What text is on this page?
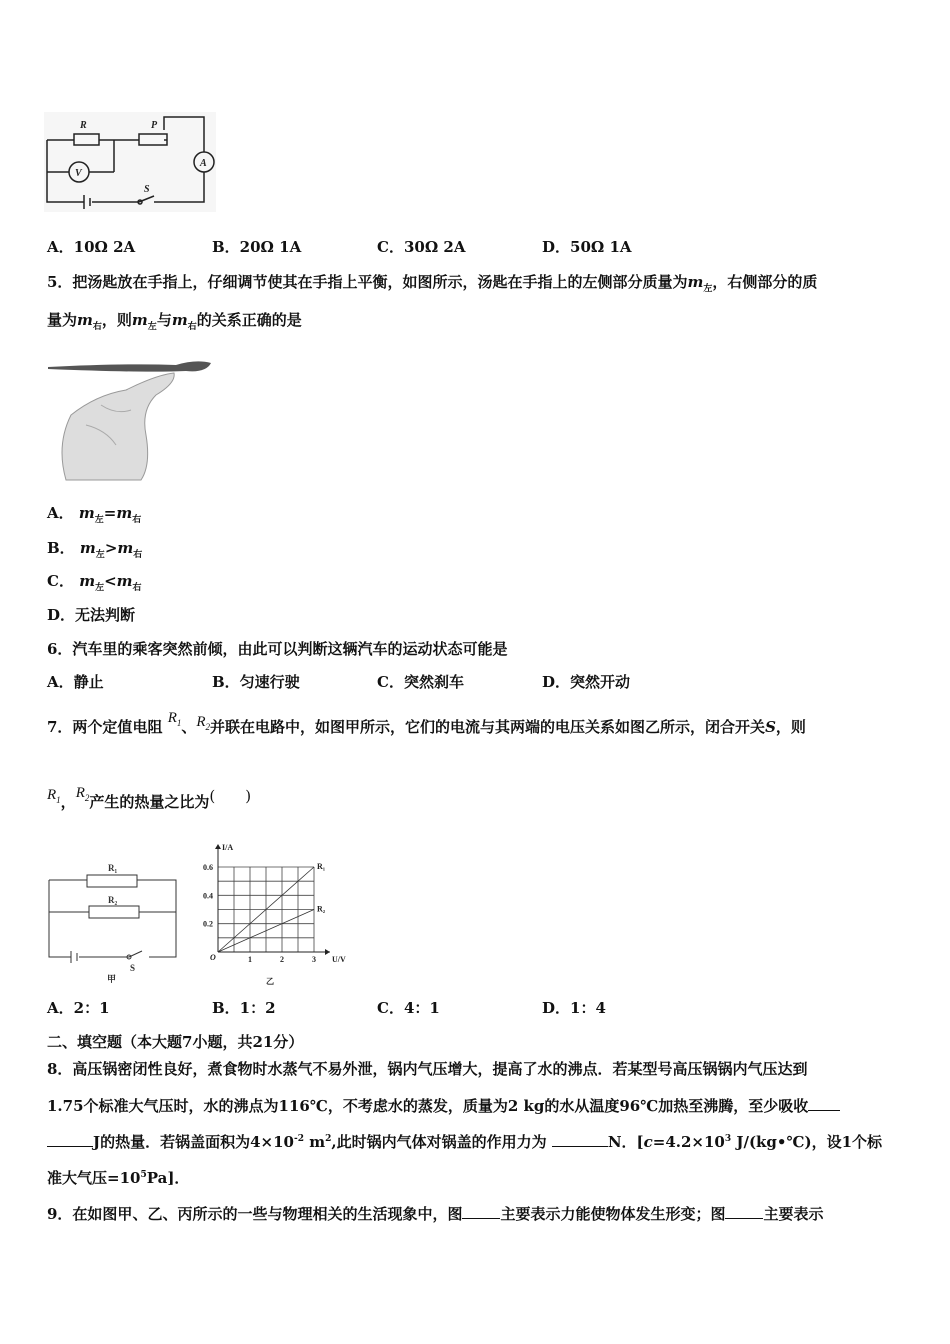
R	P
V
A
S
A．10Ω 2A	B．20Ω 1A	C．30Ω 2A	D．50Ω 1A
5．把汤匙放在手指上，仔细调节使其在手指上平衡，如图所示，汤匙在手指上的左侧部分质量为$m_左$，右侧部分的质
量为$m_右$，则$m_左$与$m_右$的关系正确的是
A． $m_左=m_右$
B． $m_左>m_右$
C． $m_左<m_右$
D．无法判断
6．汽车里的乘客突然前倾，由此可以判断这辆汽车的运动状态可能是
A．静止	B．匀速行驶	C．突然刹车	D．突然开动
7．两个定值电阻 $R_1$、$R_2$并联在电路中，如图甲所示，它们的电流与其两端的电压关系如图乙所示，闭合开关S，则
$R_1$，$R_2$产生的热量之比为(　　)
R₁
R₂
S
甲
1	2	3
0.2
0.4
0.6
U/V
I/A
O
R₁
R₂
乙
A．2：1	B．1：2	C．4：1	D．1：4
二、填空题（本大题7小题，共21分）
8．高压锅密闭性良好，煮食物时水蒸气不易外泄，锅内气压增大，提高了水的沸点．若某型号高压锅锅内气压达到
1.75个标准大气压时，水的沸点为116℃，不考虑水的蒸发，质量为2 kg的水从温度96℃加热至沸腾，至少吸收
J的热量．若锅盖面积为$4\times 10^{-2}$ $m^2$,此时锅内气体对锅盖的作用力为	N．[$c=4.2\times 10^3$ J/(kg•℃)，设1个标
准大气压$=10^5Pa$]．
9．在如图甲、乙、丙所示的一些与物理相关的生活现象中，图	主要表示力能使物体发生形变；图	主要表示
